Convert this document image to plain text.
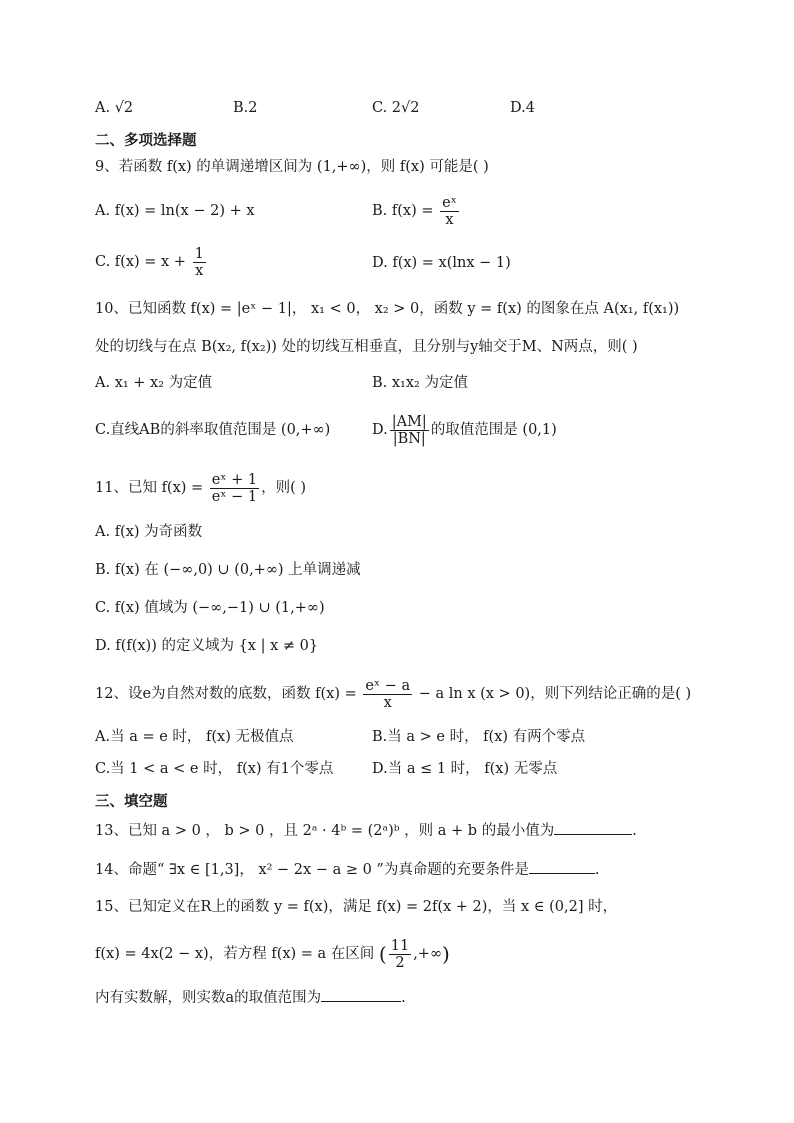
A. √2	B.2	C. 2√2	D.4
二、多项选择题
9、若函数 f(x) 的单调递增区间为 (1,+∞)，则 f(x) 可能是( )
A. f(x) = ln(x − 2) + x	B. $f(x) = \frac{\text{eˣ}}{x}$
C. $f(x) = x + \frac{1}{x}$	D. f(x) = x(lnx − 1)
10、已知函数 f(x) = |eˣ − 1|， x₁ < 0， x₂ > 0，函数 y = f(x) 的图象在点 A(x₁, f(x₁))
处的切线与在点 B(x₂, f(x₂)) 处的切线互相垂直，且分别与y轴交于M、N两点，则( )
A. x₁ + x₂ 为定值	B. x₁x₂ 为定值
C.直线AB的斜率取值范围是 (0,+∞)	D. $\frac{|AM|}{|BN|}$ 的取值范围是 (0,1)
11、已知 $f(x) = \frac{\text{eˣ + 1}}{\text{eˣ − 1}}$ ，则( )
A. f(x) 为奇函数
B. f(x) 在 (−∞,0) ∪ (0,+∞) 上单调递减
C. f(x) 值域为 (−∞,−1) ∪ (1,+∞)
D. f(f(x)) 的定义域为 {x | x ≠ 0}
12、设e为自然对数的底数，函数 $f(x) = \frac{\text{eˣ − a}}{x} - a$ ln x (x > 0)，则下列结论正确的是( )
A.当 a = e 时， f(x) 无极值点	B.当 a > e 时， f(x) 有两个零点
C.当 1 < a < e 时， f(x) 有1个零点	D.当 a ≤ 1 时， f(x) 无零点
三、填空题
13、已知 a > 0 ， b > 0 ，且 2ᵃ · 4ᵇ = (2ᵃ)ᵇ ，则 a + b 的最小值为	.
14、命题“ ∃x ∈ [1,3]， x² − 2x − a ≥ 0 ”为真命题的充要条件是	.
15、已知定义在R上的函数 y = f(x)，满足 f(x) = 2f(x + 2)，当 x ∈ (0,2] 时，
f(x) = 4x(2 − x)，若方程 f(x) = a 在区间 ( $\frac{11}{2}$ ,+∞)
内有实数解，则实数a的取值范围为	.
